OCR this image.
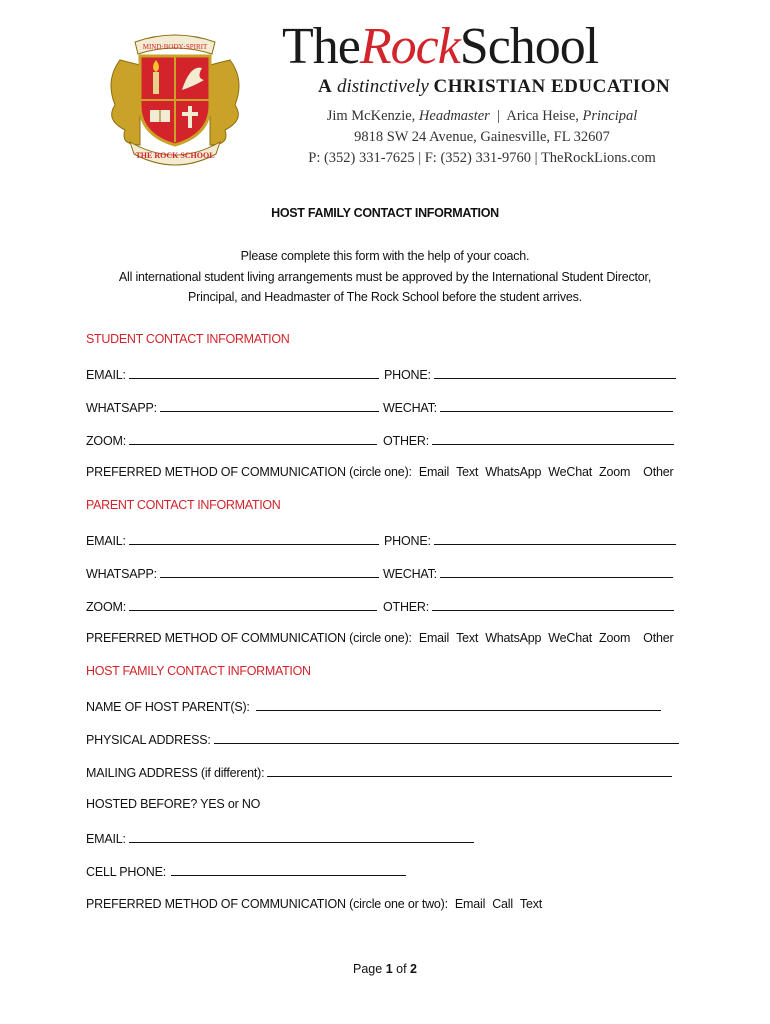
MIND·BODY·SPIRIT
THE ROCK SCHOOL
TheRockSchool
A distinctively CHRISTIAN EDUCATION
Jim McKenzie, Headmaster | Arica Heise, Principal
9818 SW 24 Avenue, Gainesville, FL 32607
P: (352) 331-7625 | F: (352) 331-9760 | TheRockLions.com
HOST FAMILY CONTACT INFORMATION
Please complete this form with the help of your coach.
All international student living arrangements must be approved by the International Student Director,
Principal, and Headmaster of The Rock School before the student arrives.
STUDENT CONTACT INFORMATION
EMAIL:	PHONE:
WHATSAPP:	WECHAT:
ZOOM:	OTHER:
PREFERRED METHOD OF COMMUNICATION (circle one): Email Text WhatsApp WeChat Zoom Other
PARENT CONTACT INFORMATION
EMAIL:	PHONE:
WHATSAPP:	WECHAT:
ZOOM:	OTHER:
PREFERRED METHOD OF COMMUNICATION (circle one): Email Text WhatsApp WeChat Zoom Other
HOST FAMILY CONTACT INFORMATION
NAME OF HOST PARENT(S):
PHYSICAL ADDRESS:
MAILING ADDRESS (if different):
HOSTED BEFORE? YES or NO
EMAIL:
CELL PHONE:
PREFERRED METHOD OF COMMUNICATION (circle one or two): Email Call Text
Page 1 of 2
